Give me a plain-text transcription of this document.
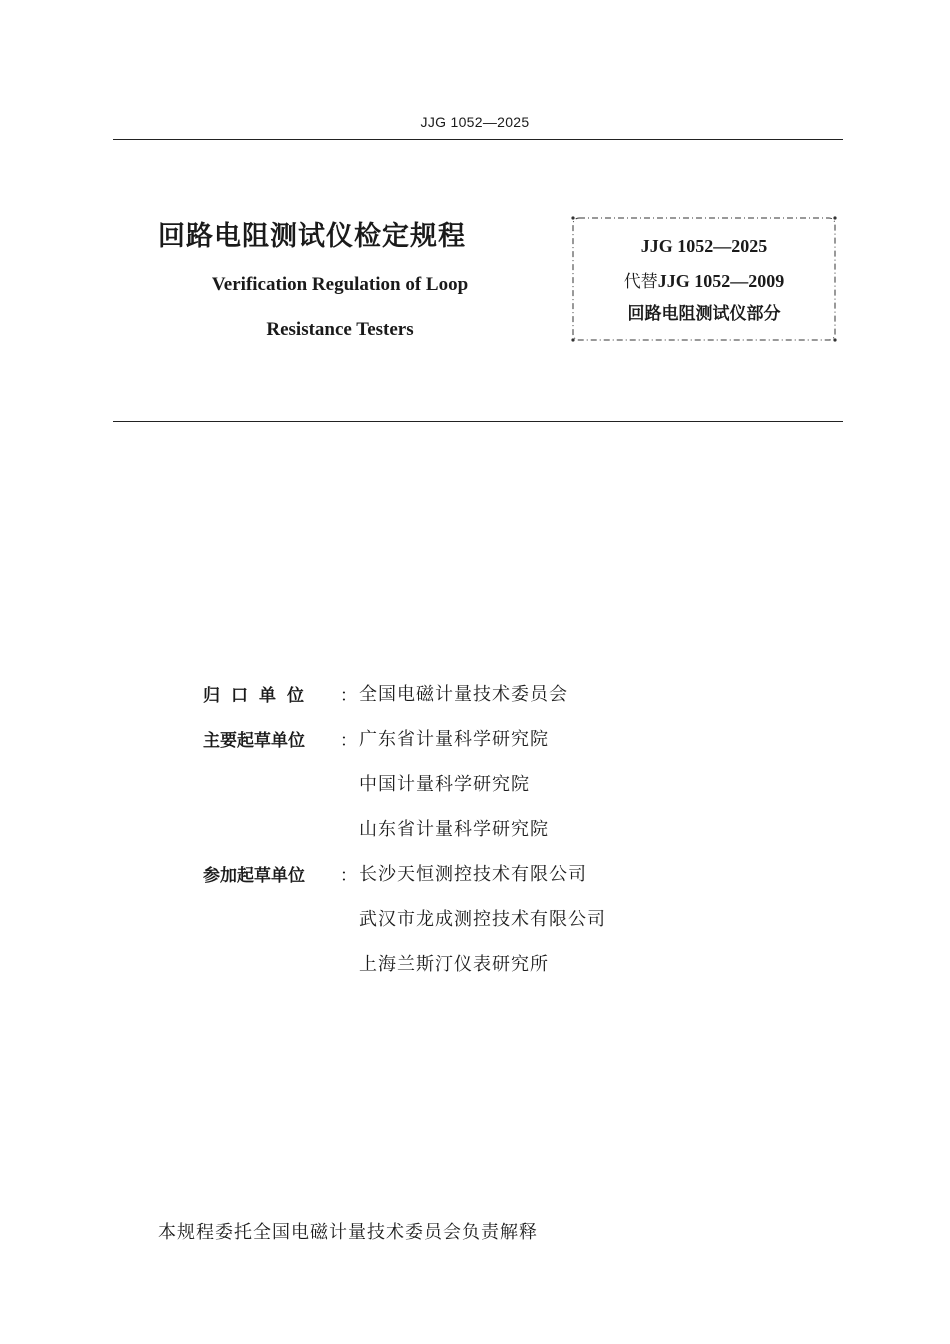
JJG 1052—2025
回路电阻测试仪检定规程
Verification Regulation of Loop
Resistance Testers
JJG 1052—2025
代替JJG 1052—2009
回路电阻测试仪部分
归口单位 ： 全国电磁计量技术委员会
主要起草单位 ： 广东省计量科学研究院
中国计量科学研究院
山东省计量科学研究院
参加起草单位 ： 长沙天恒测控技术有限公司
武汉市龙成测控技术有限公司
上海兰斯汀仪表研究所
本规程委托全国电磁计量技术委员会负责解释
